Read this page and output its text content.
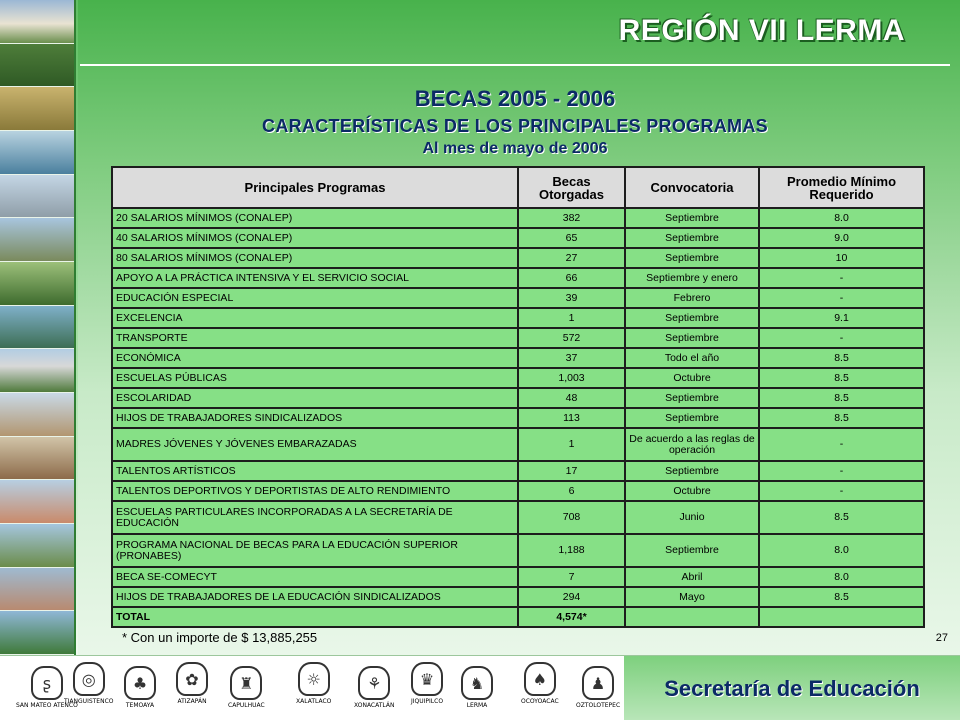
REGIÓN VII LERMA
BECAS 2005 - 2006
CARACTERÍSTICAS DE LOS PRINCIPALES PROGRAMAS
Al mes de mayo de 2006
Principales Programas	Becas Otorgadas	Convocatoria	Promedio Mínimo Requerido
20 SALARIOS MÍNIMOS (CONALEP)	382	Septiembre	8.0
40 SALARIOS MÍNIMOS (CONALEP)	65	Septiembre	9.0
80 SALARIOS MÍNIMOS (CONALEP)	27	Septiembre	10
APOYO A LA PRÁCTICA INTENSIVA Y EL SERVICIO SOCIAL	66	Septiembre y enero	-
EDUCACIÓN ESPECIAL	39	Febrero	-
EXCELENCIA	1	Septiembre	9.1
TRANSPORTE	572	Septiembre	-
ECONÓMICA	37	Todo el año	8.5
ESCUELAS PÚBLICAS	1,003	Octubre	8.5
ESCOLARIDAD	48	Septiembre	8.5
HIJOS DE TRABAJADORES SINDICALIZADOS	113	Septiembre	8.5
MADRES JÓVENES Y JÓVENES EMBARAZADAS	1	De acuerdo a las reglas de operación	-
TALENTOS ARTÍSTICOS	17	Septiembre	-
TALENTOS DEPORTIVOS Y DEPORTISTAS DE ALTO RENDIMIENTO	6	Octubre	-
ESCUELAS PARTICULARES INCORPORADAS A LA SECRETARÍA DE EDUCACIÓN	708	Junio	8.5
PROGRAMA NACIONAL DE BECAS PARA LA EDUCACIÓN SUPERIOR (PRONABES)	1,188	Septiembre	8.0
BECA SE-COMECYT	7	Abril	8.0
HIJOS DE TRABAJADORES DE LA EDUCACIÓN SINDICALIZADOS	294	Mayo	8.5
TOTAL	4,574*		
* Con un importe de $ 13,885,255	27
ʂ
SAN MATEO ATENCO
◎
TIANGUISTENCO
♣
TEMOAYA
✿
ATIZAPÁN
♜
CAPULHUAC
☼
XALATLACO
⚘
XONACATLÁN
♛
JIQUIPILCO
♞
LERMA
♠
OCOYOACAC
♟
OZTOLOTEPEC
Secretaría de Educación
